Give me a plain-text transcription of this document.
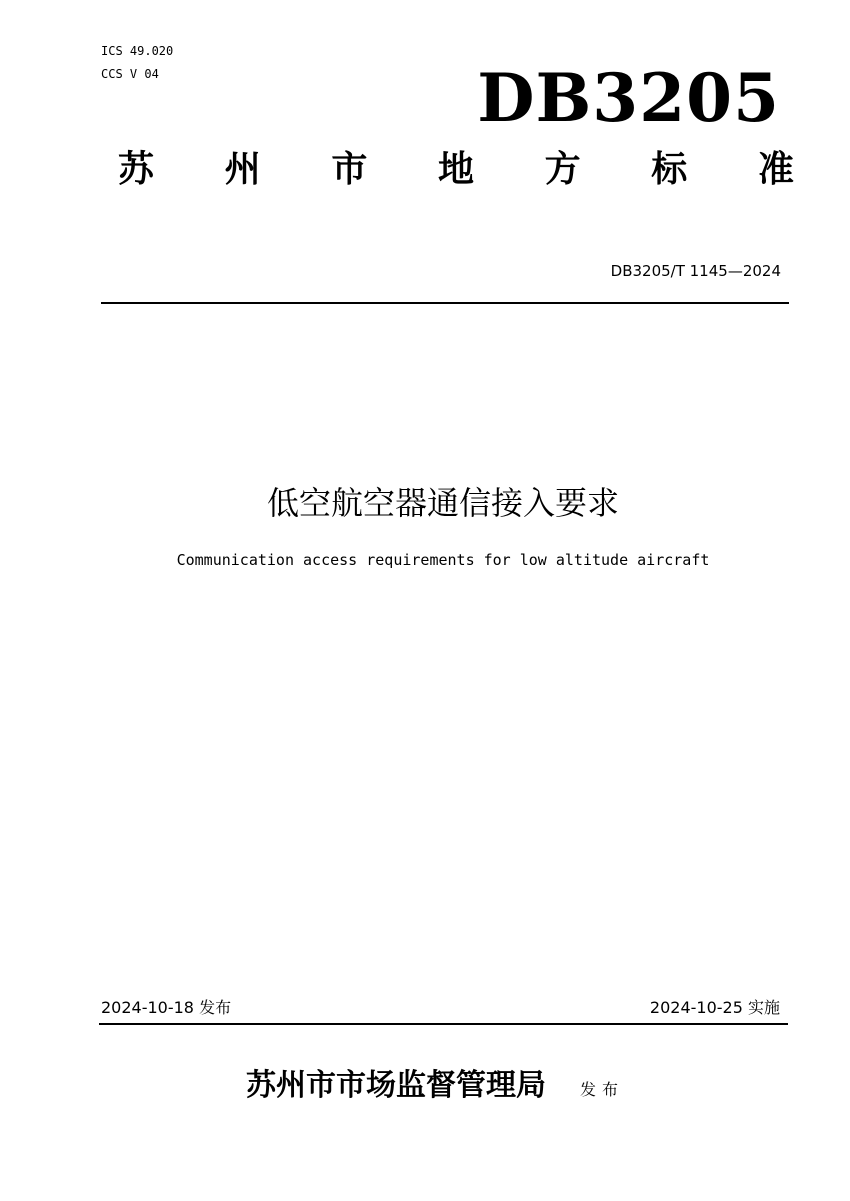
ICS 49.020
CCS V 04	DB3205
苏 州 市 地 方 标 准
DB3205/T 1145—2024
低空航空器通信接入要求
Communication access requirements for low altitude aircraft
2024-10-18 发布	2024-10-25 实施
苏州市市场监督管理局 发布
